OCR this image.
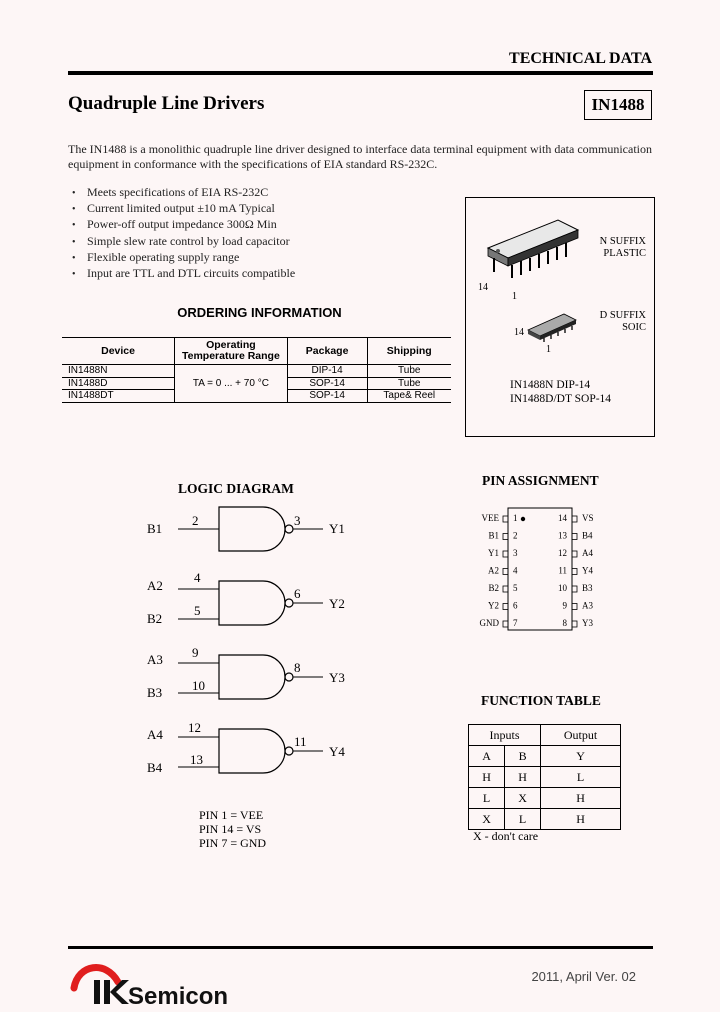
TECHNICAL DATA
Quadruple Line Drivers	IN1488

The IN1488 is a monolithic quadruple line driver designed to interface data terminal equipment with data communication equipment in conformance with the specifications of EIA standard RS-232C.

• Meets specifications of EIA RS-232C
• Current limited output ±10 mA Typical
• Power-off output impedance 300Ω Min
• Simple slew rate control by load capacitor
• Flexible operating supply range
• Input are TTL and DTL circuits compatible
14
1
N SUFFIX
PLASTIC
14
1
D SUFFIX
SOIC
IN1488N DIP-14
IN1488D/DT SOP-14
ORDERING INFORMATION
Device	Operating
Temperature Range	Package	Shipping
IN1488N	TA = 0 ... + 70 °C	DIP-14	Tube
IN1488D		SOP-14	Tube
IN1488DT		SOP-14	Tape& Reel
LOGIC DIAGRAM
B1
2	3
Y1
A2
4
B2
5
6
Y2
A3 9
B3 10
8
Y3
A4 12
B4
13
11
Y4
PIN 1 = VEE
PIN 14 = VS
PIN 7 = GND
PIN ASSIGNMENT
VEE 1
B1 2
Y1 3
A2 4
B2 5
Y2 6
GND 7
14 VS
13 B4
12 A4
11 Y4
10 B3
9 A3
8 Y3
FUNCTION TABLE
Inputs		Output
A	B	Y
H	H	L
L	X	H
X	L	H
X - don't care
Semicon
2011, April Ver. 02
